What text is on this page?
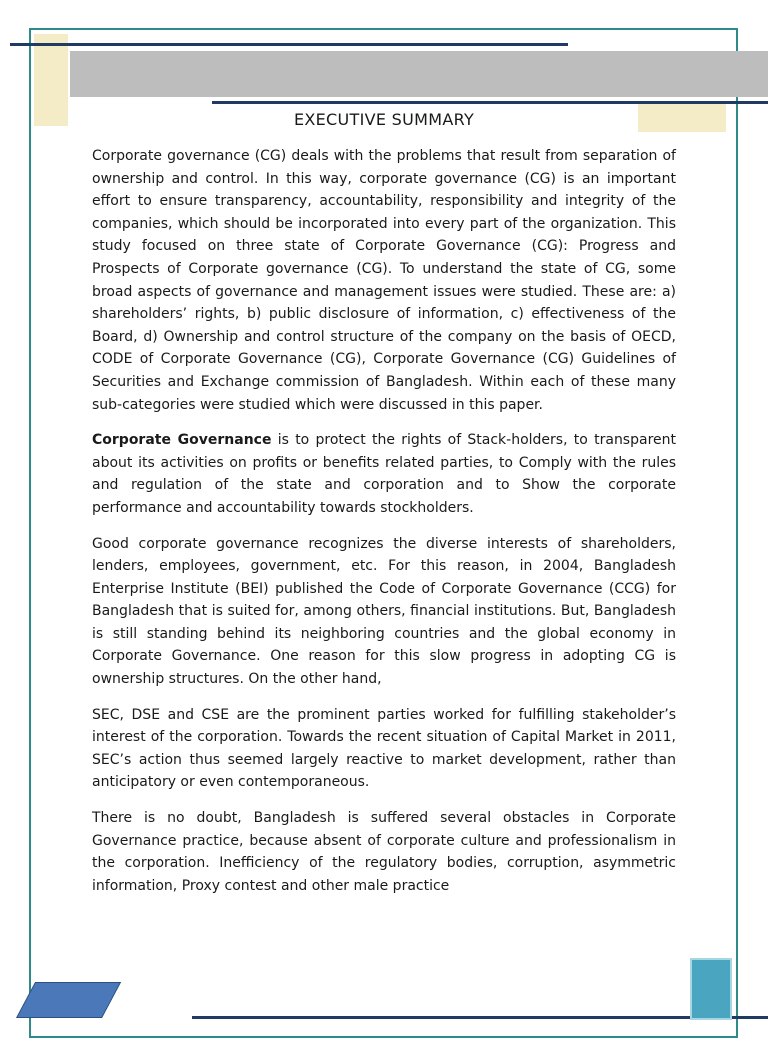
EXECUTIVE SUMMARY

Corporate governance (CG) deals with the problems that result from separation of ownership and control. In this way, corporate governance (CG) is an important effort to ensure transparency, accountability, responsibility and integrity of the companies, which should be incorporated into every part of the organization. This study focused on three state of Corporate Governance (CG): Progress and Prospects of Corporate governance (CG). To understand the state of CG, some broad aspects of governance and management issues were studied. These are: a) shareholders’ rights, b) public disclosure of information, c) effectiveness of the Board, d) Ownership and control structure of the company on the basis of OECD, CODE of Corporate Governance (CG), Corporate Governance (CG) Guidelines of Securities and Exchange commission of Bangladesh. Within each of these many sub-categories were studied which were discussed in this paper.

Corporate Governance is to protect the rights of Stack-holders, to transparent about its activities on profits or benefits related parties, to Comply with the rules and regulation of the state and corporation and to Show the corporate performance and accountability towards stockholders.

Good corporate governance recognizes the diverse interests of shareholders, lenders, employees, government, etc. For this reason, in 2004, Bangladesh Enterprise Institute (BEI) published the Code of Corporate Governance (CCG) for Bangladesh that is suited for, among others, financial institutions. But, Bangladesh is still standing behind its neighboring countries and the global economy in Corporate Governance. One reason for this slow progress in adopting CG is ownership structures. On the other hand,

SEC, DSE and CSE are the prominent parties worked for fulfilling stakeholder’s interest of the corporation. Towards the recent situation of Capital Market in 2011, SEC’s action thus seemed largely reactive to market development, rather than anticipatory or even contemporaneous.

There is no doubt, Bangladesh is suffered several obstacles in Corporate Governance practice, because absent of corporate culture and professionalism in the corporation. Inefficiency of the regulatory bodies, corruption, asymmetric information, Proxy contest and other male practice
